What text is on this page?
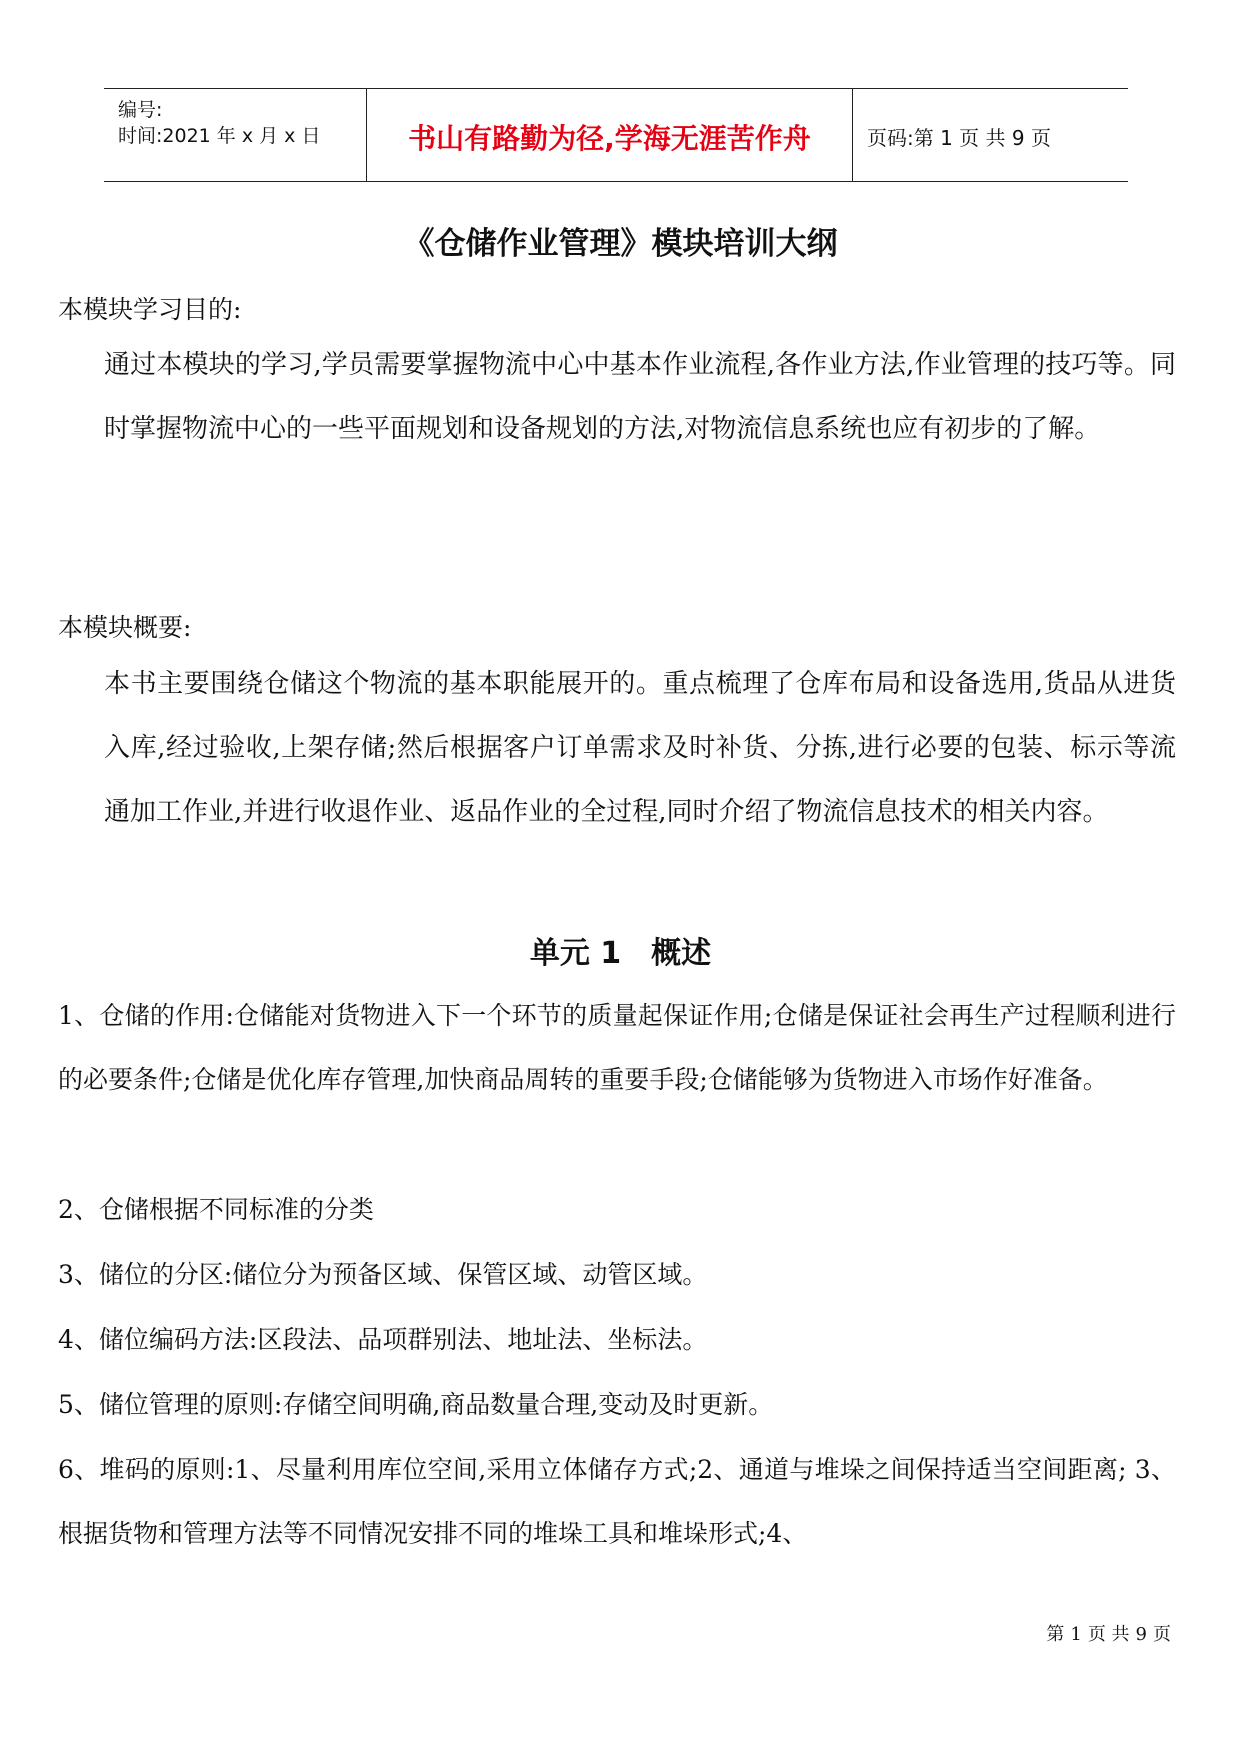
编号:
时间:2021 年 x 月 x 日	书山有路勤为径,学海无涯苦作舟	页码:第 1 页 共 9 页
《仓储作业管理》模块培训大纲
本模块学习目的:

通过本模块的学习,学员需要掌握物流中心中基本作业流程,各作业方法,作业管理的技巧等。同时掌握物流中心的一些平面规划和设备规划的方法,对物流信息系统也应有初步的了解。

本模块概要:

本书主要围绕仓储这个物流的基本职能展开的。重点梳理了仓库布局和设备选用,货品从进货入库,经过验收,上架存储;然后根据客户订单需求及时补货、分拣,进行必要的包装、标示等流通加工作业,并进行收退作业、返品作业的全过程,同时介绍了物流信息技术的相关内容。

单元 1 概述

1、仓储的作用:仓储能对货物进入下一个环节的质量起保证作用;仓储是保证社会再生产过程顺利进行的必要条件;仓储是优化库存管理,加快商品周转的重要手段;仓储能够为货物进入市场作好准备。

2、仓储根据不同标准的分类

3、储位的分区:储位分为预备区域、保管区域、动管区域。

4、储位编码方法:区段法、品项群别法、地址法、坐标法。

5、储位管理的原则:存储空间明确,商品数量合理,变动及时更新。

6、堆码的原则:1、尽量利用库位空间,采用立体储存方式;2、通道与堆垛之间保持适当空间距离; 3、根据货物和管理方法等不同情况安排不同的堆垛工具和堆垛形式;4、

第 1 页 共 9 页
